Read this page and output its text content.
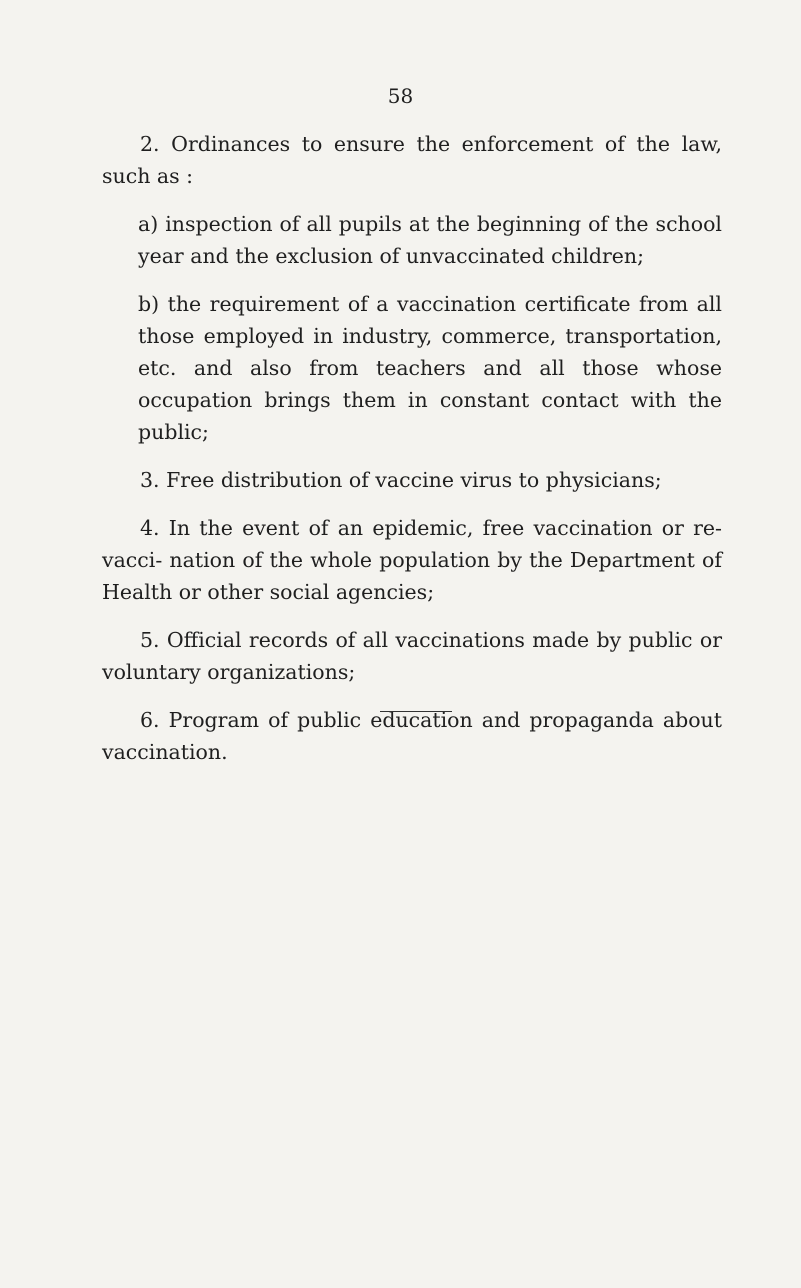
58

2. Ordinances to ensure the enforcement of the law, such as :

a) inspection of all pupils at the beginning of the school year and the exclusion of unvaccinated children;

b) the requirement of a vaccination certificate from all those employed in industry, commerce, transportation, etc. and also from teachers and all those whose occupation brings them in constant contact with the public;

3. Free distribution of vaccine virus to physicians;

4. In the event of an epidemic, free vaccination or re-vacci- nation of the whole population by the Department of Health or other social agencies;

5. Official records of all vaccinations made by public or voluntary organizations;

6. Program of public education and propaganda about vaccination.
